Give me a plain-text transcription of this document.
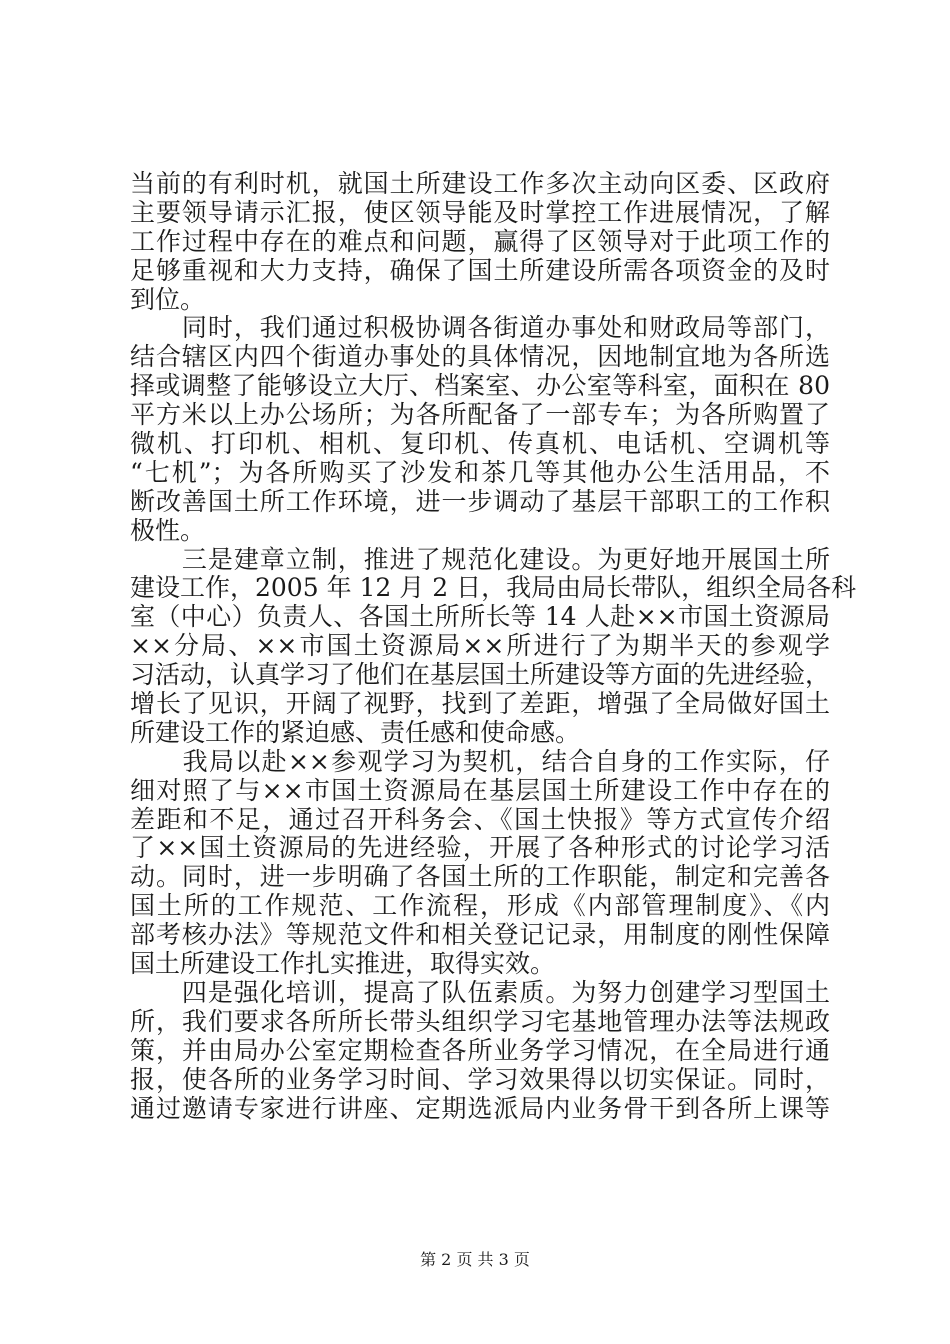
当前的有利时机，就国土所建设工作多次主动向区委、区政府
主要领导请示汇报，使区领导能及时掌控工作进展情况，了解
工作过程中存在的难点和问题，赢得了区领导对于此项工作的
足够重视和大力支持，确保了国土所建设所需各项资金的及时
到位。
　　同时，我们通过积极协调各街道办事处和财政局等部门，
结合辖区内四个街道办事处的具体情况，因地制宜地为各所选
择或调整了能够设立大厅、档案室、办公室等科室，面积在 80
平方米以上办公场所；为各所配备了一部专车；为各所购置了
微机、打印机、相机、复印机、传真机、电话机、空调机等
“七机”；为各所购买了沙发和茶几等其他办公生活用品，不
断改善国土所工作环境，进一步调动了基层干部职工的工作积
极性。
　　三是建章立制，推进了规范化建设。为更好地开展国土所
建设工作，2005 年 12 月 2 日，我局由局长带队，组织全局各科
室（中心）负责人、各国土所所长等 14 人赴××市国土资源局
××分局、××市国土资源局××所进行了为期半天的参观学
习活动，认真学习了他们在基层国土所建设等方面的先进经验，
增长了见识，开阔了视野，找到了差距，增强了全局做好国土
所建设工作的紧迫感、责任感和使命感。
　　我局以赴××参观学习为契机，结合自身的工作实际，仔
细对照了与××市国土资源局在基层国土所建设工作中存在的
差距和不足，通过召开科务会、《国土快报》等方式宣传介绍
了××国土资源局的先进经验，开展了各种形式的讨论学习活
动。同时，进一步明确了各国土所的工作职能，制定和完善各
国土所的工作规范、工作流程，形成《内部管理制度》、《内
部考核办法》等规范文件和相关登记记录，用制度的刚性保障
国土所建设工作扎实推进，取得实效。
　　四是强化培训，提高了队伍素质。为努力创建学习型国土
所，我们要求各所所长带头组织学习宅基地管理办法等法规政
策，并由局办公室定期检查各所业务学习情况，在全局进行通
报，使各所的业务学习时间、学习效果得以切实保证。同时，
通过邀请专家进行讲座、定期选派局内业务骨干到各所上课等
第 2 页 共 3 页
